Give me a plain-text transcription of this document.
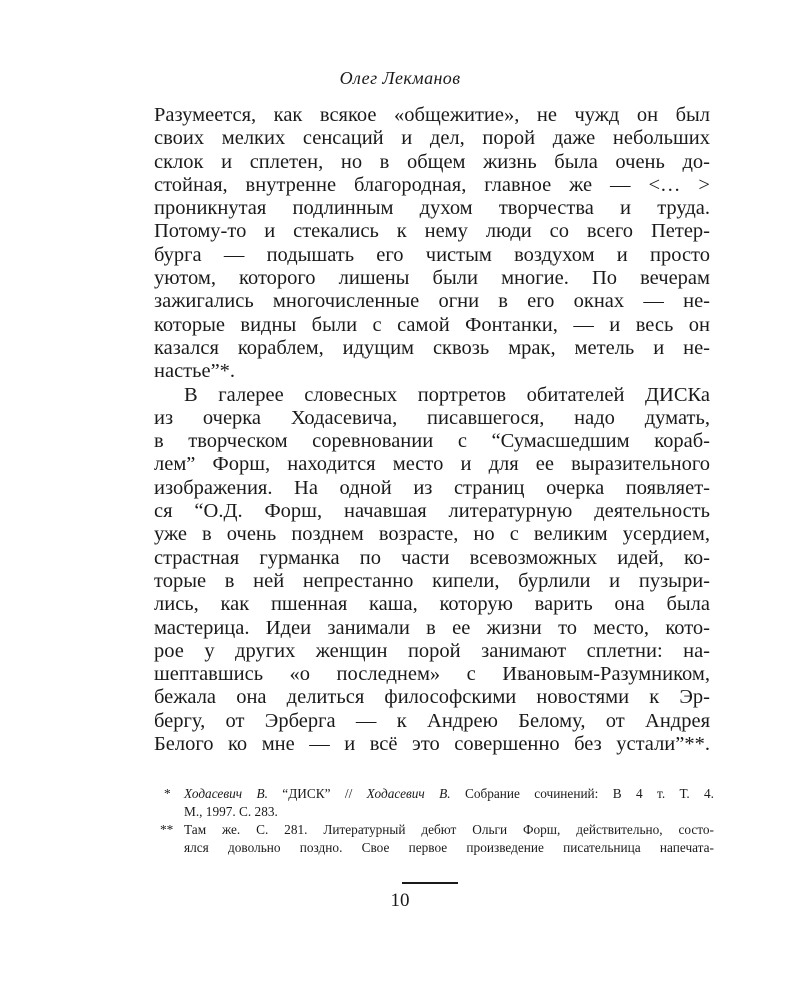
Олег Лекманов
Разумеется, как всякое «общежитие», не чужд он был
своих мелких сенсаций и дел, порой даже небольших
склок и сплетен, но в общем жизнь была очень до-
стойная, внутренне благородная, главное же — <… >
проникнутая подлинным духом творчества и труда.
Потому-то и стекались к нему люди со всего Петер-
бурга — подышать его чистым воздухом и просто
уютом, которого лишены были многие. По вечерам
зажигались многочисленные огни в его окнах — не-
которые видны были с самой Фонтанки, — и весь он
казался кораблем, идущим сквозь мрак, метель и не-
настье”*.
В галерее словесных портретов обитателей ДИСКа
из очерка Ходасевича, писавшегося, надо думать,
в творческом соревновании с “Сумасшедшим кораб-
лем” Форш, находится место и для ее выразительного
изображения. На одной из страниц очерка появляет-
ся “О.Д. Форш, начавшая литературную деятельность
уже в очень позднем возрасте, но с великим усердием,
страстная гурманка по части всевозможных идей, ко-
торые в ней непрестанно кипели, бурлили и пузыри-
лись, как пшенная каша, которую варить она была
мастерица. Идеи занимали в ее жизни то место, кото-
рое у других женщин порой занимают сплетни: на-
шептавшись «о последнем» с Ивановым-Разумником,
бежала она делиться философскими новостями к Эр-
бергу, от Эрберга — к Андрею Белому, от Андрея
Белого ко мне — и всё это совершенно без устали”**.
* Ходасевич В. “ДИСК” // Ходасевич В. Собрание сочинений: В 4 т. Т. 4.
М., 1997. С. 283.
** Там же. С. 281. Литературный дебют Ольги Форш, действительно, состо-
ялся довольно поздно. Свое первое произведение писательница напечата-
10
